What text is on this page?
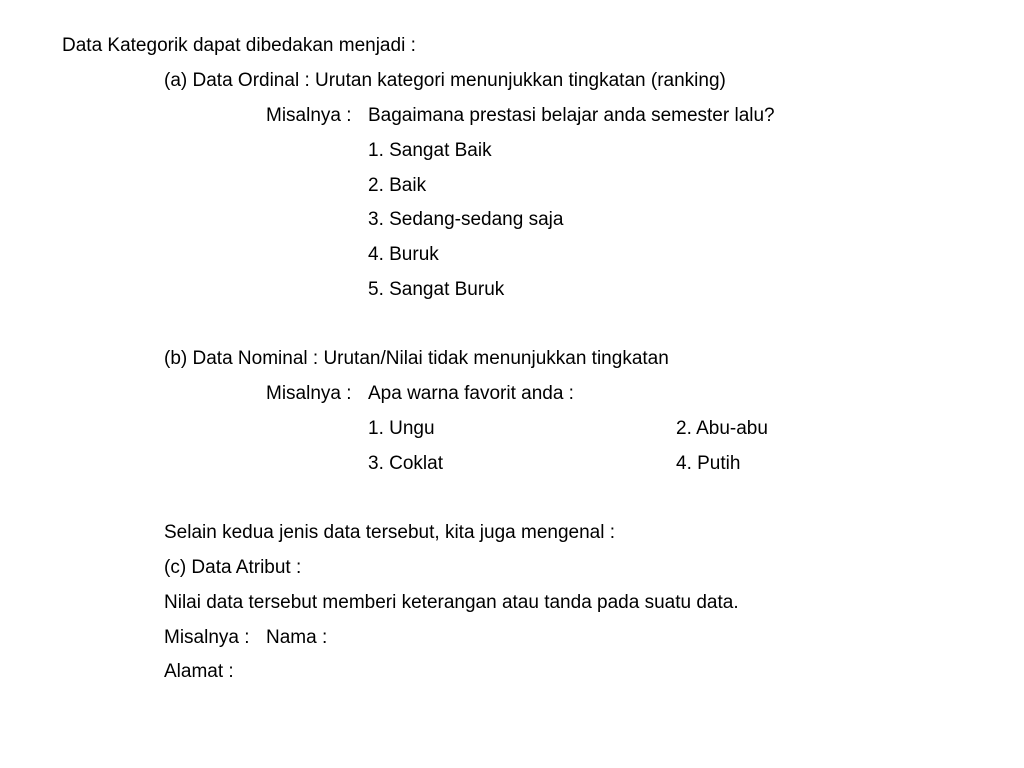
Data Kategorik dapat dibedakan menjadi :
(a) Data Ordinal : Urutan kategori menunjukkan tingkatan (ranking)
Misalnya : Bagaimana prestasi belajar anda semester lalu?
1. Sangat Baik
2. Baik
3. Sedang-sedang saja
4. Buruk
5. Sangat Buruk
(b) Data Nominal : Urutan/Nilai tidak menunjukkan tingkatan
Misalnya : Apa warna favorit anda :
1. Ungu	2. Abu-abu
3. Coklat	4. Putih
Selain kedua jenis data tersebut, kita juga mengenal :
(c) Data Atribut :
Nilai data tersebut memberi keterangan atau tanda pada suatu data.
Misalnya : Nama :
Alamat :
